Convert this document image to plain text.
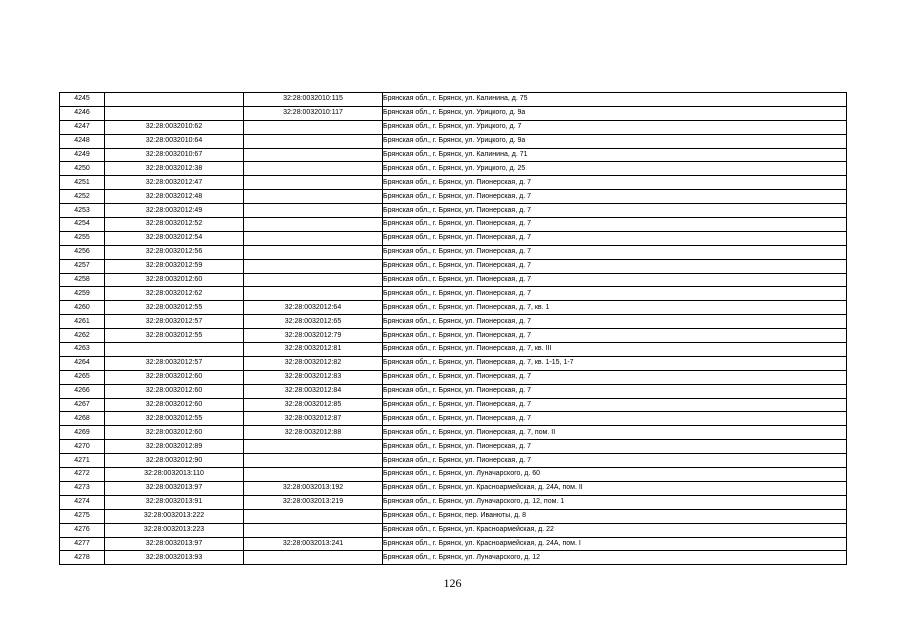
4245		32:28:0032010:115	Брянская обл., г. Брянск, ул. Калинина, д. 75
4246		32:28:0032010:117	Брянская обл., г. Брянск, ул. Урицкого, д. 9а
4247	32:28:0032010:62		Брянская обл., г. Брянск, ул. Урицкого, д. 7
4248	32:28:0032010:64		Брянская обл., г. Брянск, ул. Урицкого, д. 9а
4249	32:28:0032010:67		Брянская обл., г. Брянск, ул. Калинина, д. 71
4250	32:28:0032012:38		Брянская обл., г. Брянск, ул. Урицкого, д. 25
4251	32:28:0032012:47		Брянская обл., г. Брянск, ул. Пионерская, д. 7
4252	32:28:0032012:48		Брянская обл., г. Брянск, ул. Пионерская, д. 7
4253	32:28:0032012:49		Брянская обл., г. Брянск, ул. Пионерская, д. 7
4254	32:28:0032012:52		Брянская обл., г. Брянск, ул. Пионерская, д. 7
4255	32:28:0032012:54		Брянская обл., г. Брянск, ул. Пионерская, д. 7
4256	32:28:0032012:56		Брянская обл., г. Брянск, ул. Пионерская, д. 7
4257	32:28:0032012:59		Брянская обл., г. Брянск, ул. Пионерская, д. 7
4258	32:28:0032012:60		Брянская обл., г. Брянск, ул. Пионерская, д. 7
4259	32:28:0032012:62		Брянская обл., г. Брянск, ул. Пионерская, д. 7
4260	32:28:0032012:55	32:28:0032012:64	Брянская обл., г. Брянск, ул. Пионерская, д. 7, кв. 1
4261	32:28:0032012:57	32:28:0032012:65	Брянская обл., г. Брянск, ул. Пионерская, д. 7
4262	32:28:0032012:55	32:28:0032012:79	Брянская обл., г. Брянск, ул. Пионерская, д. 7
4263		32:28:0032012:81	Брянская обл., г. Брянск, ул. Пионерская, д. 7, кв. III
4264	32:28:0032012:57	32:28:0032012:82	Брянская обл., г. Брянск, ул. Пионерская, д. 7, кв. 1-15, 1-7
4265	32:28:0032012:60	32:28:0032012:83	Брянская обл., г. Брянск, ул. Пионерская, д. 7
4266	32:28:0032012:60	32:28:0032012:84	Брянская обл., г. Брянск, ул. Пионерская, д. 7
4267	32:28:0032012:60	32:28:0032012:85	Брянская обл., г. Брянск, ул. Пионерская, д. 7
4268	32:28:0032012:55	32:28:0032012:87	Брянская обл., г. Брянск, ул. Пионерская, д. 7
4269	32:28:0032012:60	32:28:0032012:88	Брянская обл., г. Брянск, ул. Пионерская, д. 7, пом. II
4270	32:28:0032012:89		Брянская обл., г. Брянск, ул. Пионерская, д. 7
4271	32:28:0032012:90		Брянская обл., г. Брянск, ул. Пионерская, д. 7
4272	32:28:0032013:110		Брянская обл., г. Брянск, ул. Луначарского, д. 60
4273	32:28:0032013:97	32:28:0032013:192	Брянская обл., г. Брянск, ул. Красноармейская, д. 24А, пом. II
4274	32:28:0032013:91	32:28:0032013:219	Брянская обл., г. Брянск, ул. Луначарского, д. 12, пом. 1
4275	32:28:0032013:222		Брянская обл., г. Брянск, пер. Иванюты, д. 8
4276	32:28:0032013:223		Брянская обл., г. Брянск, ул. Красноармейская, д. 22
4277	32:28:0032013:97	32:28:0032013:241	Брянская обл., г. Брянск, ул. Красноармейская, д. 24А, пом. I
4278	32:28:0032013:93		Брянская обл., г. Брянск, ул. Луначарского, д. 12
126
